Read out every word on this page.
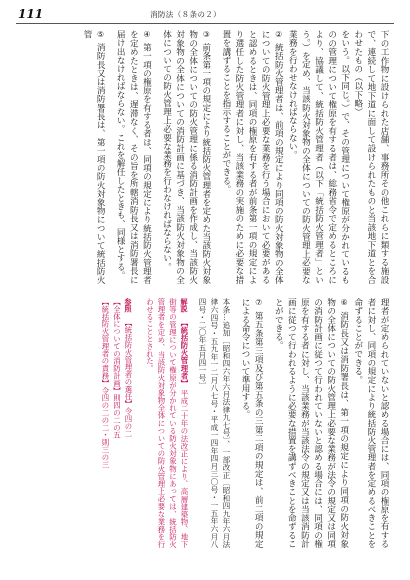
111	消防法（８条の２）

下の工作物に設けられた店舗、事務所その他これらに類する施設で、連続して地下道に面して設けられたものと当該地下道とを合わせたもの（以下略）

をいう。以下同じ。）で、その管理について権原が分かれているものの管理について権原を有する者は、総務省令で定めるところにより、協議して、統括防火管理者（以下「統括防火管理者」という。）を定め、当該防火対象物の全体についての防火管理上必要な業務を行わせなければならない。

②統括防火管理者は、前項の規定により同項の防火対象物の全体についての防火管理上必要な業務を行う場合において必要があると認めるときは、同項の権原を有する者が前条第一項の規定により選任した防火管理者に対し、当該業務の実施のために必要な措置を講ずることを指示することができる。

③前条第一項の規定により統括防火管理者を定めた当該防火対象物の全体についての防火管理に係る消防計画を作成し、当該防火対象物の全体についての消防計画に基づき、当該防火対象物の全体についての防火管理上必要な業務を行わなければならない。

④第一項の権原を有する者は、同項の規定により統括防火管理者を定めたときは、遅滞なく、その旨を所轄消防長又は消防署長に届け出なければならない。これを解任したときも、同様とする。

⑤消防長又は消防署長は、第一項の防火対象物について統括防火管

理者が定められていないと認める場合には、同項の権原を有する者に対し、同項の規定により統括防火管理者を定めるべきことを命ずることができる。

⑥消防長又は消防署長は、第一項の規定により同項の防火対象物の全体についての防火管理上必要な業務が法令の規定又は同項の消防計画に従つて行われていないと認める場合には、同項の権原を有する者に対し、当該業務が当該法令の規定又は当該消防計画に従つて行われるように必要な措置を講ずべきことを命ずることができる。

⑦第五条第三項及び第五条の三第二項の規定は、前二項の規定による命令について準用する。

本条…追加〔昭和四六年六月法律九七号〕、一部改正〔昭和四九年六月法律六四号・五九年一二月八七号・平成一四年四月三〇号・一五年六月八四号・二〇年五月四一号〕

解説 【統括防火管理者】 平成二十年の法改正により、高層建築物、地下街等の管理について権原が分かれている防火対象物にあっては、統括防火管理者を定め、当該防火対象物全体についての防火管理上必要な業務を行わせることとされた。

参照 【統括防火管理者の選任】令四の二
【全体についての消防計画】則四の二の五
【統括防火管理者の責務】令四の二の二・則三の三
